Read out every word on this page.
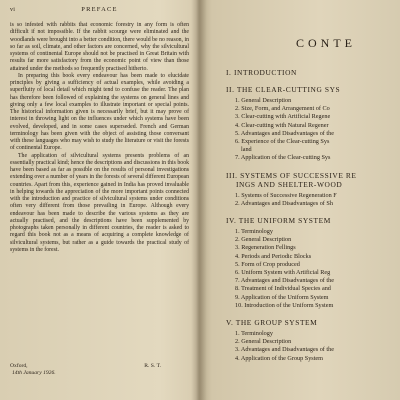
vi	PREFACE

is so infested with rabbits that economic forestry in any form is often difficult if not impossible. If the rabbit scourge were eliminated and the woodlands were brought into a better condition, there would be no reason, in so far as soil, climate, and other factors are concerned, why the silvicultural systems of continental Europe should not be practised in Great Britain with results far more satisfactory from the economic point of view than those attained under the methods so frequently practised hitherto.

In preparing this book every endeavour has been made to elucidate principles by giving a sufficiency of actual examples, while avoiding a superfluity of local detail which might tend to confuse the reader. The plan has therefore been followed of explaining the systems on general lines and giving only a few local examples to illustrate important or special points. The historical information given is necessarily brief, but it may prove of interest in throwing light on the influences under which systems have been evolved, developed, and in some cases superseded. French and German terminology has been given with the object of assisting those conversant with these languages who may wish to study the literature or visit the forests of continental Europe.

The application of silvicultural systems presents problems of an essentially practical kind; hence the descriptions and discussions in this book have been based as far as possible on the results of personal investigations extending over a number of years in the forests of several different European countries. Apart from this, experience gained in India has proved invaluable in helping towards the appreciation of the more important points connected with the introduction and practice of silvicultural systems under conditions often very different from those prevailing in Europe. Although every endeavour has been made to describe the various systems as they are actually practised, and the descriptions have been supplemented by photographs taken personally in different countries, the reader is asked to regard this book not as a means of acquiring a complete knowledge of silvicultural systems, but rather as a guide towards the practical study of systems in the forest.

Oxford,	R. S. T.
14th January 1926.
CONTE
I. INTRODUCTION
II. THE CLEAR-CUTTING SYS
1. General Description
2. Size, Form, and Arrangement of Co
3. Clear-cutting with Artificial Regene
4. Clear-cutting with Natural Regener
5. Advantages and Disadvantages of the
6. Experience of the Clear-cutting Sys
land
7. Application of the Clear-cutting Sys
III. SYSTEMS OF SUCCESSIVE RE
INGS AND SHELTER-WOOD
1. Systems of Successive Regeneration F
2. Advantages and Disadvantages of Sh
IV. THE UNIFORM SYSTEM
1. Terminology
2. General Description
3. Regeneration Fellings
4. Periods and Periodic Blocks
5. Form of Crop produced
6. Uniform System with Artificial Reg
7. Advantages and Disadvantages of the
8. Treatment of Individual Species and
9. Application of the Uniform System
10. Introduction of the Uniform System
V. THE GROUP SYSTEM
1. Terminology
2. General Description
3. Advantages and Disadvantages of the
4. Application of the Group System
